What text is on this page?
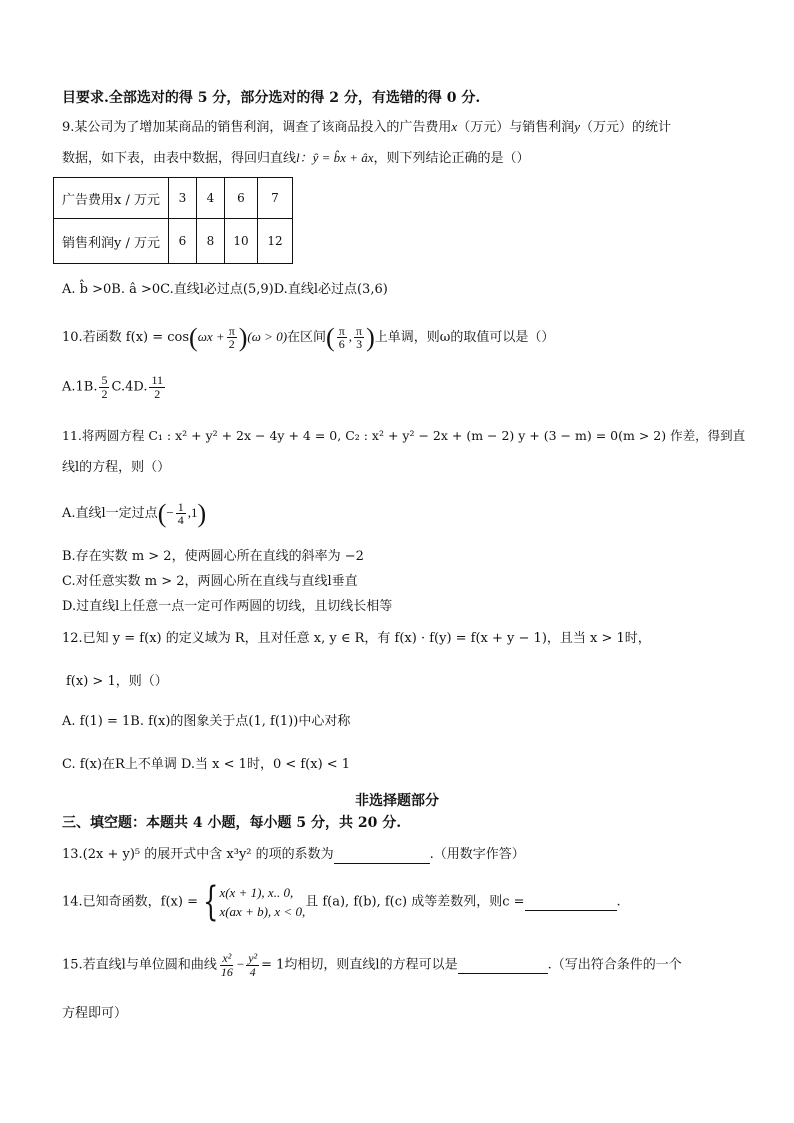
目要求.全部选对的得 5 分，部分选对的得 2 分，有选错的得 0 分.
9.某公司为了增加某商品的销售利润，调查了该商品投入的广告费用x（万元）与销售利润y（万元）的统计
数据，如下表，由表中数据，得回归直线l：ŷ = b̂x + âx，则下列结论正确的是（）
广告费用x / 万元	3	4	6	7
销售利润y / 万元	6	8	10	12
A. b̂ >0B. â >0C.直线l必过点(5,9)D.直线l必过点(3,6)
10.若函数 $f(x) = \cos(\omega x + \frac{\pi}{2} )(\omega > 0)$在区间( $\frac{\pi}{6}$ , $\frac{\pi}{3}$ )上单调，则ω的取值可以是（）
A.1B. $\frac{5}{2} C.4D$. $\frac{11}{2}$
11.将两圆方程 C₁ : x² + y² + 2x − 4y + 4 = 0, C₂ : x² + y² − 2x + (m − 2) y + (3 − m) = 0(m > 2) 作差，得到直
线l的方程，则（）
A.直线l一定过点(− $\frac{1}{4} ,1$)
B.存在实数 m > 2，使两圆心所在直线的斜率为 −2
C.对任意实数 m > 2，两圆心所在直线与直线l垂直
D.过直线l上任意一点一定可作两圆的切线，且切线长相等
12.已知 y = f(x) 的定义域为 R，且对任意 x, y ∈ R，有 f(x) · f(y) = f(x + y − 1)，且当 x > 1时，
f(x) > 1，则（）
A. f(1) = 1B. f(x)的图象关于点(1, f(1))中心对称
C. f(x)在R上不单调 D.当 x < 1时，0 < f(x) < 1
非选择题部分
三、填空题：本题共 4 小题，每小题 5 分，共 20 分.
13.(2x + y)⁵ 的展开式中含 x³y² 的项的系数为	.（用数字作答）
14.已知奇函数，f(x) = { x(x + 1), x.. 0,
x(ax + b), x < 0,
且 f(a), f(b), f(c) 成等差数列，则c =	.
15.若直线l与单位圆和曲线 $\frac{\text{x²}}{16} - \frac{\text{y²}}{4} = 1$均相切，则直线l的方程可以是	.（写出符合条件的一个
方程即可）
